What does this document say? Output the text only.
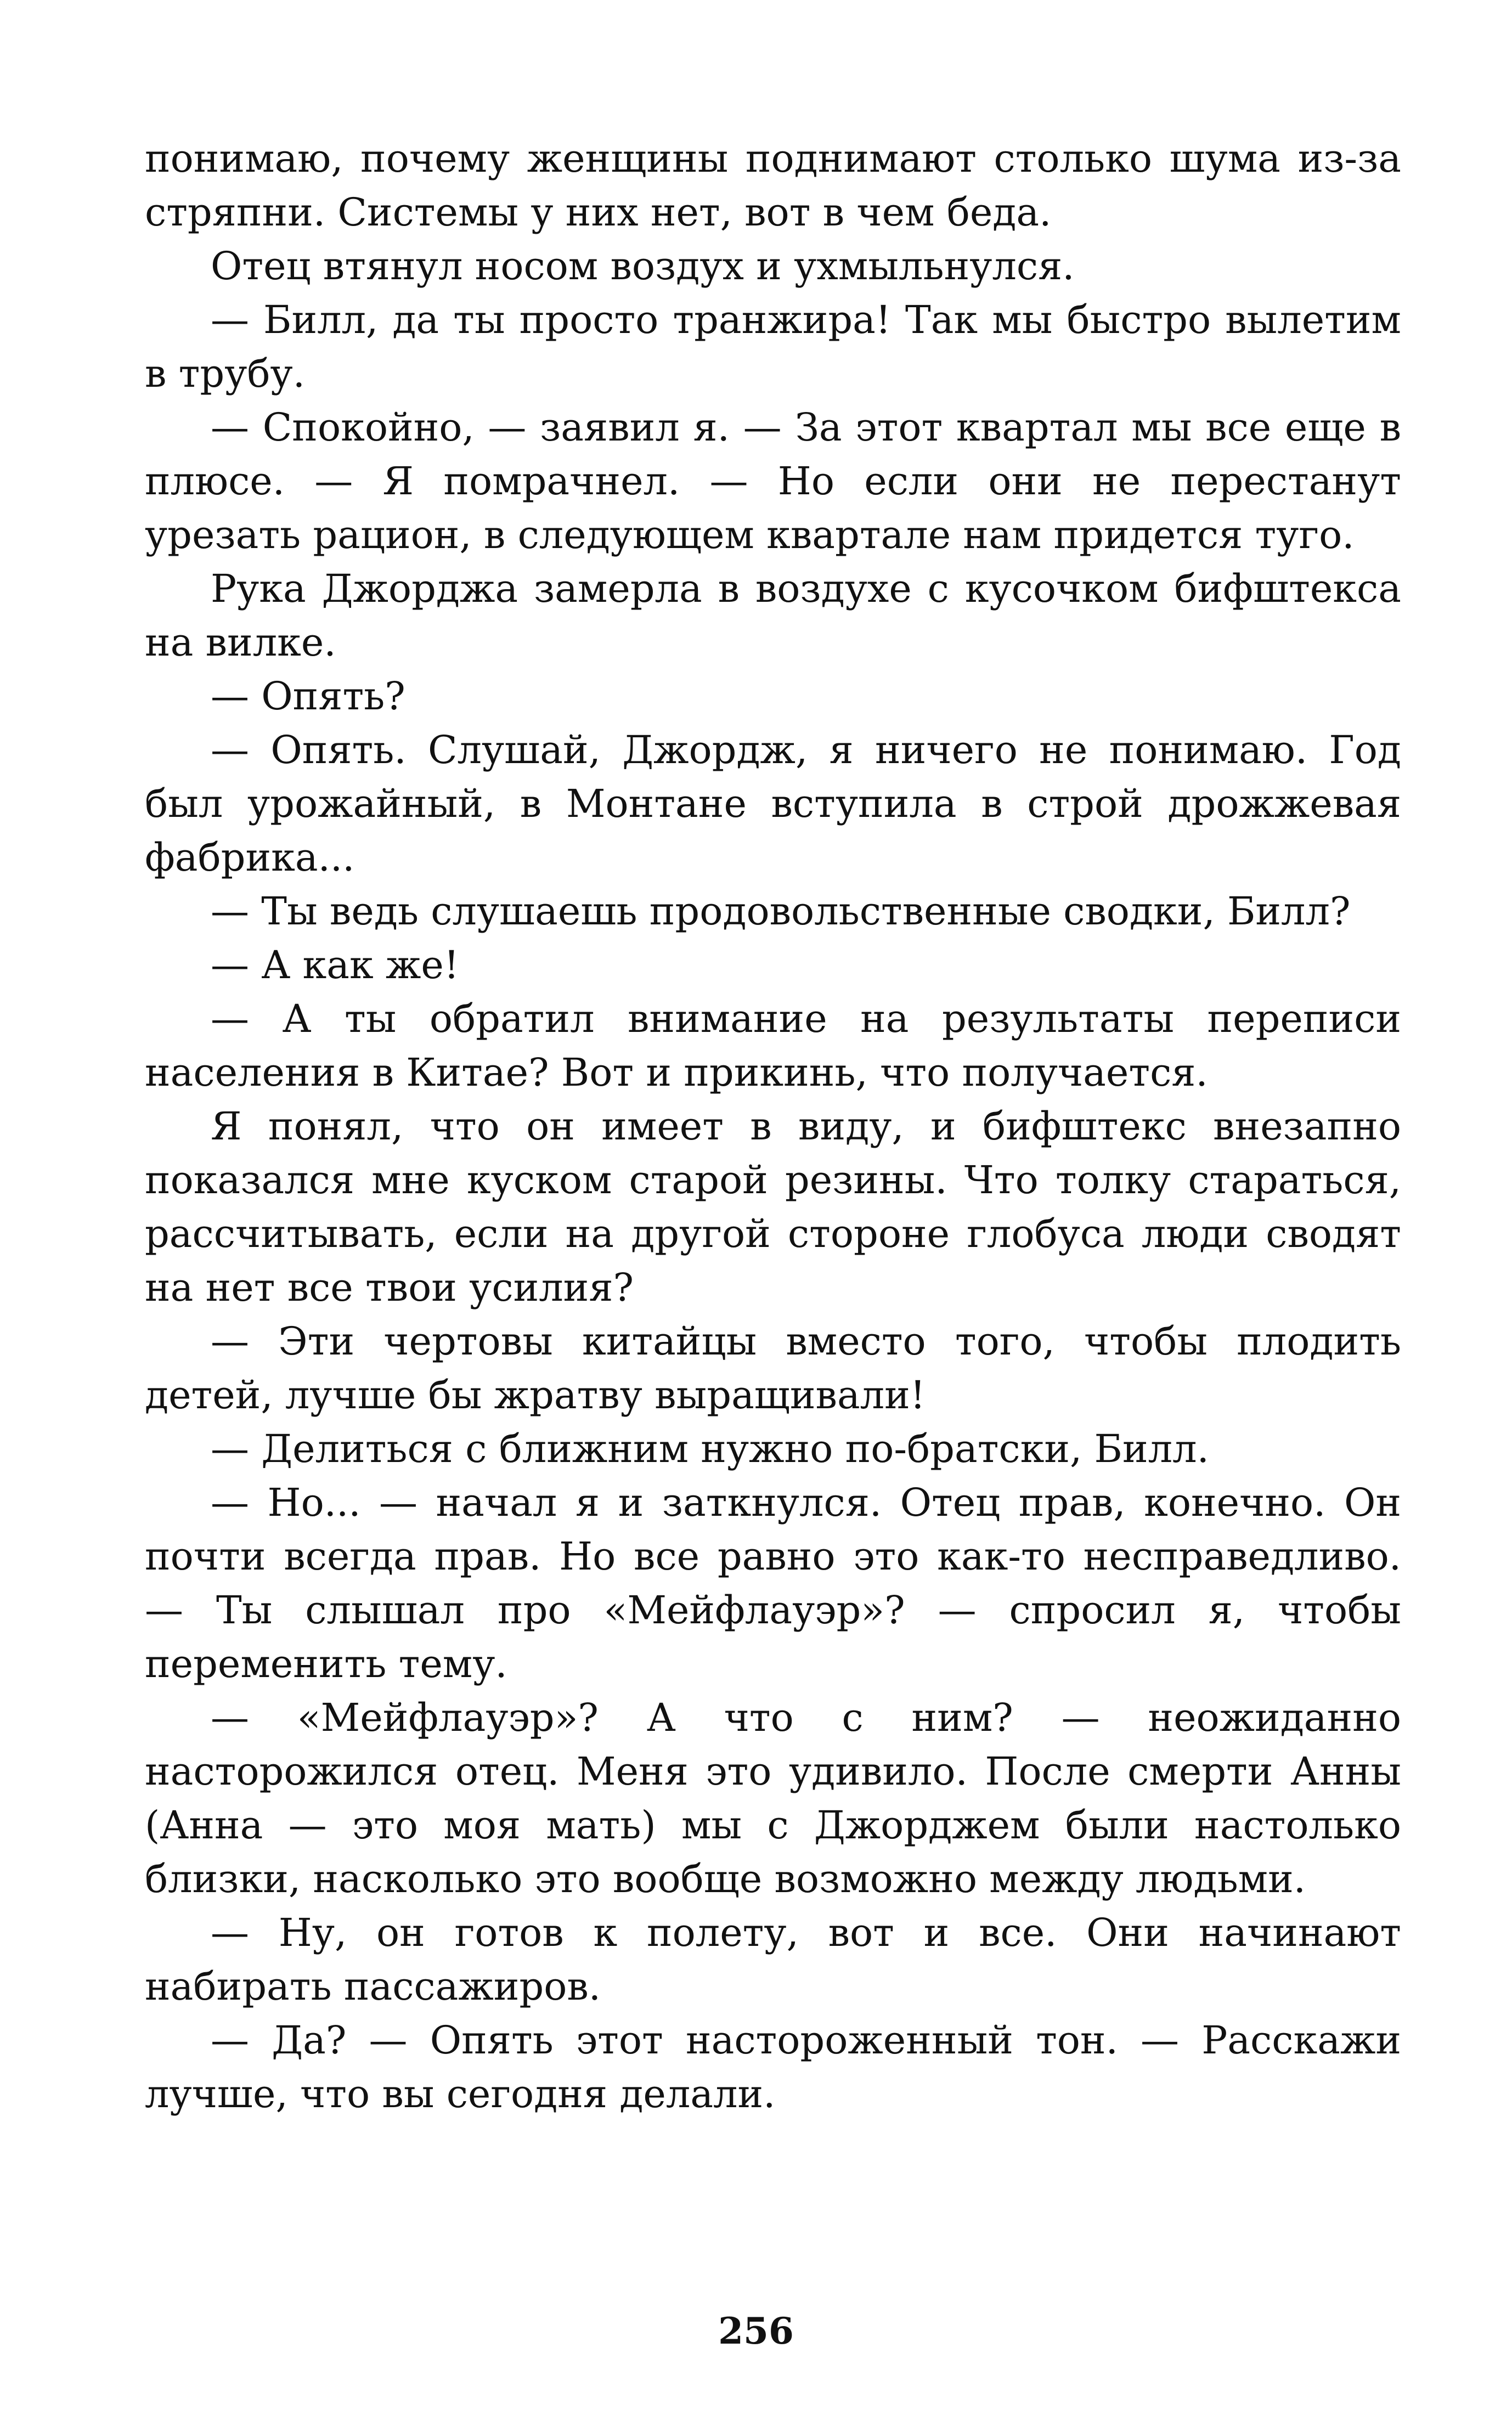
понимаю, почему женщины поднимают столько шума из-за стряпни. Системы у них нет, вот в чем беда.

Отец втянул носом воздух и ухмыльнулся.

— Билл, да ты просто транжира! Так мы быстро вылетим в трубу.

— Спокойно, — заявил я. — За этот квартал мы все еще в плюсе. — Я помрачнел. — Но если они не перестанут урезать рацион, в следующем квартале нам придется туго.

Рука Джорджа замерла в воздухе с кусочком бифштекса на вилке.

— Опять?

— Опять. Слушай, Джордж, я ничего не понимаю. Год был урожайный, в Монтане вступила в строй дрожжевая фабрика...

— Ты ведь слушаешь продовольственные сводки, Билл?

— А как же!

— А ты обратил внимание на результаты переписи населения в Китае? Вот и прикинь, что получается.

Я понял, что он имеет в виду, и бифштекс внезапно показался мне куском старой резины. Что толку стараться, рассчитывать, если на другой стороне глобуса люди сводят на нет все твои усилия?

— Эти чертовы китайцы вместо того, чтобы плодить детей, лучше бы жратву выращивали!

— Делиться с ближним нужно по-братски, Билл.

— Но... — начал я и заткнулся. Отец прав, конечно. Он почти всегда прав. Но все равно это как-то несправедливо. — Ты слышал про «Мейфлауэр»? — спросил я, чтобы переменить тему.

— «Мейфлауэр»? А что с ним? — неожиданно насторожился отец. Меня это удивило. После смерти Анны (Анна — это моя мать) мы с Джорджем были настолько близки, насколько это вообще возможно между людьми.

— Ну, он готов к полету, вот и все. Они начинают набирать пассажиров.

— Да? — Опять этот настороженный тон. — Расскажи лучше, что вы сегодня делали.

256
